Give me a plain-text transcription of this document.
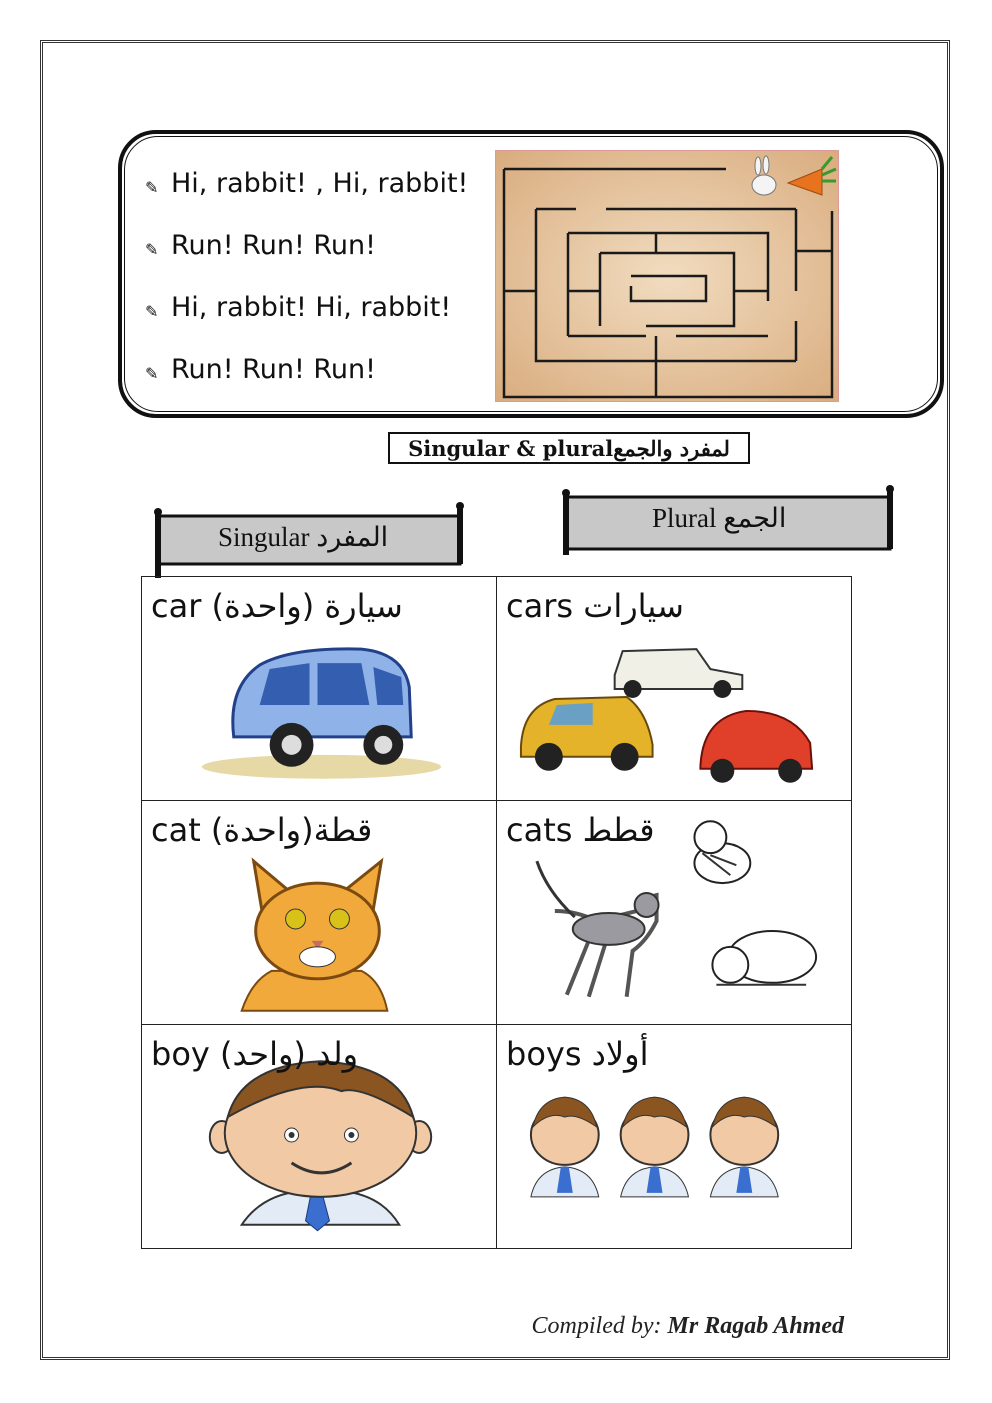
✎ Hi, rabbit! , Hi, rabbit!
✎ Run! Run! Run!
✎ Hi, rabbit! Hi, rabbit!
✎ Run! Run! Run!
Singular & pluralلمفرد والجمع
Singular المفرد
Plural الجمع
car (سيارة (واحدة	cars سيارات

cat (واحدة)قطة	cats قطط

boy (واحد) ولد	boys أولاد
Compiled by: Mr Ragab Ahmed
